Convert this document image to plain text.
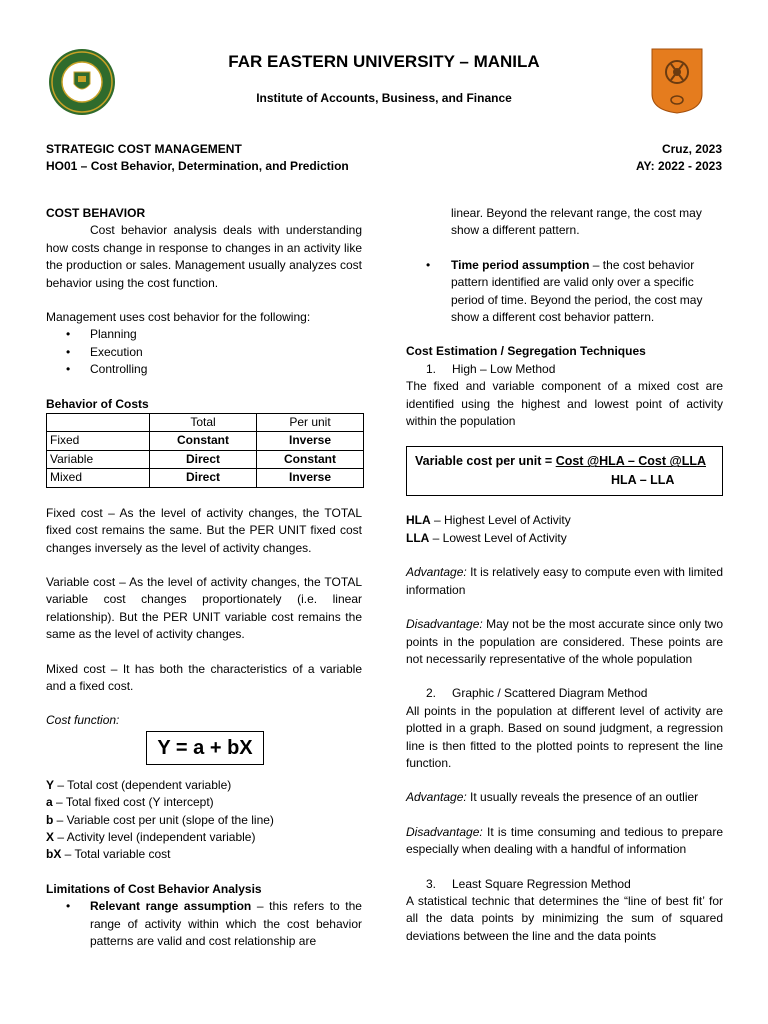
FAR EASTERN UNIVERSITY – MANILA
Institute of Accounts, Business, and Finance
STRATEGIC COST MANAGEMENT
HO01 – Cost Behavior, Determination, and Prediction
Cruz, 2023
AY: 2022 - 2023

COST BEHAVIOR

Cost behavior analysis deals with understanding how costs change in response to changes in an activity like the production or sales. Management usually analyzes cost behavior using the cost function.

Management uses cost behavior for the following:

• Planning
• Execution
• Controlling

Behavior of Costs

	Total	Per unit
Fixed	Constant	Inverse
Variable	Direct	Constant
Mixed	Direct	Inverse

Fixed cost – As the level of activity changes, the TOTAL fixed cost remains the same. But the PER UNIT fixed cost changes inversely as the level of activity changes.

Variable cost – As the level of activity changes, the TOTAL variable cost changes proportionately (i.e. linear relationship). But the PER UNIT variable cost remains the same as the level of activity changes.

Mixed cost – It has both the characteristics of a variable and a fixed cost.

Cost function:

Y = a + bX

Y – Total cost (dependent variable)

a – Total fixed cost (Y intercept)

b – Variable cost per unit (slope of the line)

X – Activity level (independent variable)

bX – Total variable cost

Limitations of Cost Behavior Analysis

• Relevant range assumption – this refers to the range of activity within which the cost behavior patterns are valid and cost relationship are

linear. Beyond the relevant range, the cost may show a different pattern.

• Time period assumption – the cost behavior pattern identified are valid only over a specific period of time. Beyond the period, the cost may show a different cost behavior pattern.

Cost Estimation / Segregation Techniques

1. High – Low Method

The fixed and variable component of a mixed cost are identified using the highest and lowest point of activity within the population

Variable cost per unit = Cost @HLA – Cost @LLA
HLA – LLA

HLA – Highest Level of Activity

LLA – Lowest Level of Activity

Advantage: It is relatively easy to compute even with limited information

Disadvantage: May not be the most accurate since only two points in the population are considered. These points are not necessarily representative of the whole population

2. Graphic / Scattered Diagram Method

All points in the population at different level of activity are plotted in a graph. Based on sound judgment, a regression line is then fitted to the plotted points to represent the line function.

Advantage: It usually reveals the presence of an outlier

Disadvantage: It is time consuming and tedious to prepare especially when dealing with a handful of information

3. Least Square Regression Method

A statistical technic that determines the “line of best fit’ for all the data points by minimizing the sum of squared deviations between the line and the data points
